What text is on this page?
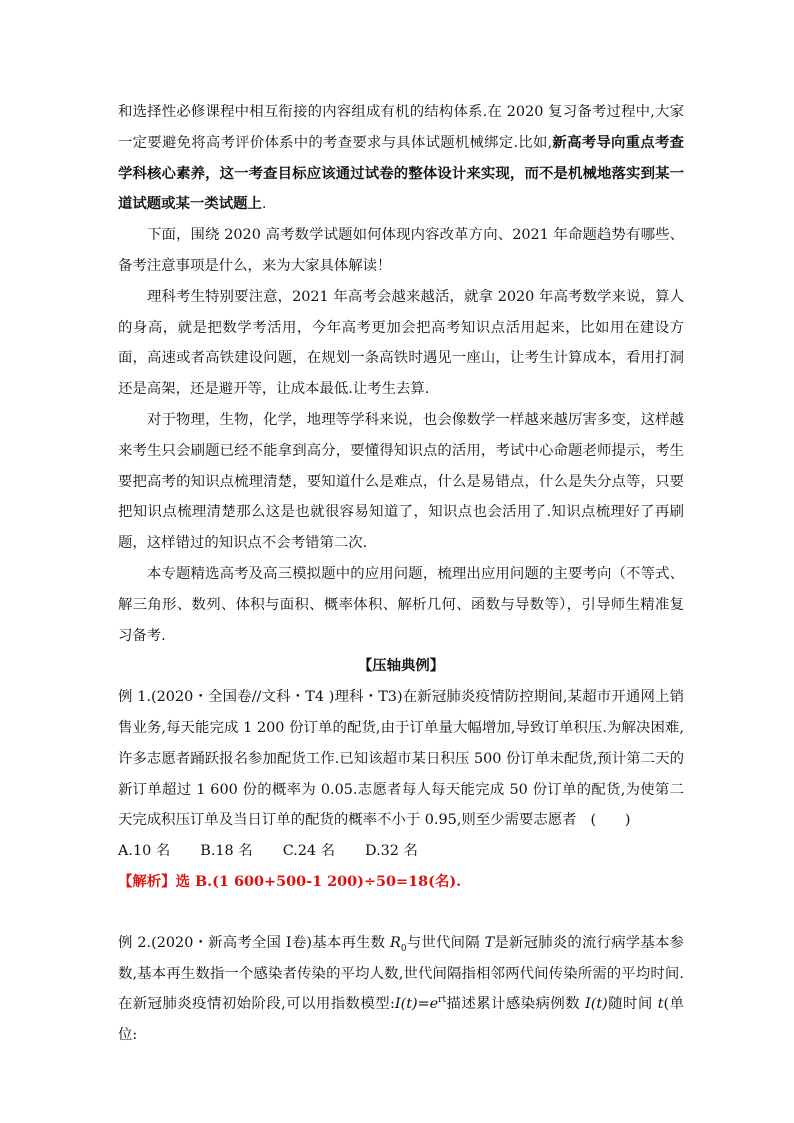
和选择性必修课程中相互衔接的内容组成有机的结构体系.在 2020 复习备考过程中,大家一定要避免将高考评价体系中的考查要求与具体试题机械绑定.比如,新高考导向重点考查学科核心素养，这一考查目标应该通过试卷的整体设计来实现，而不是机械地落实到某一道试题或某一类试题上.

下面，围绕 2020 高考数学试题如何体现内容改革方向、2021 年命题趋势有哪些、备考注意事项是什么，来为大家具体解读！

理科考生特别要注意，2021 年高考会越来越活，就拿 2020 年高考数学来说，算人的身高，就是把数学考活用，今年高考更加会把高考知识点活用起来，比如用在建设方面，高速或者高铁建设问题，在规划一条高铁时遇见一座山，让考生计算成本，看用打洞还是高架，还是避开等，让成本最低.让考生去算.

对于物理，生物，化学，地理等学科来说，也会像数学一样越来越厉害多变，这样越来考生只会刷题已经不能拿到高分，要懂得知识点的活用，考试中心命题老师提示，考生要把高考的知识点梳理清楚，要知道什么是难点，什么是易错点，什么是失分点等，只要把知识点梳理清楚那么这是也就很容易知道了，知识点也会活用了.知识点梳理好了再刷题，这样错过的知识点不会考错第二次.

本专题精选高考及高三模拟题中的应用问题，梳理出应用问题的主要考向（不等式、解三角形、数列、体积与面积、概率体积、解析几何、函数与导数等），引导师生精准复习备考.

【压轴典例】

例 1.(2020・全国卷//文科・T4 )理科・T3)在新冠肺炎疫情防控期间,某超市开通网上销售业务,每天能完成 1 200 份订单的配货,由于订单量大幅增加,导致订单积压.为解决困难,许多志愿者踊跃报名参加配货工作.已知该超市某日积压 500 份订单未配货,预计第二天的新订单超过 1 600 份的概率为 0.05.志愿者每人每天能完成 50 份订单的配货,为使第二天完成积压订单及当日订单的配货的概率不小于 0.95,则至少需要志愿者 (　　)

A.10 名 B.18 名 C.24 名 D.32 名

【解析】选 B.(1 600+500-1 200)÷50=18(名).

例 2.(2020・新高考全国 Ⅰ卷)基本再生数 $R_0$与世代间隔 T是新冠肺炎的流行病学基本参数,基本再生数指一个感染者传染的平均人数,世代间隔指相邻两代间传染所需的平均时间.在新冠肺炎疫情初始阶段,可以用指数模型$:I(t)=e^{rt}$描述累计感染病例数 I(t)随时间 t(单位:
